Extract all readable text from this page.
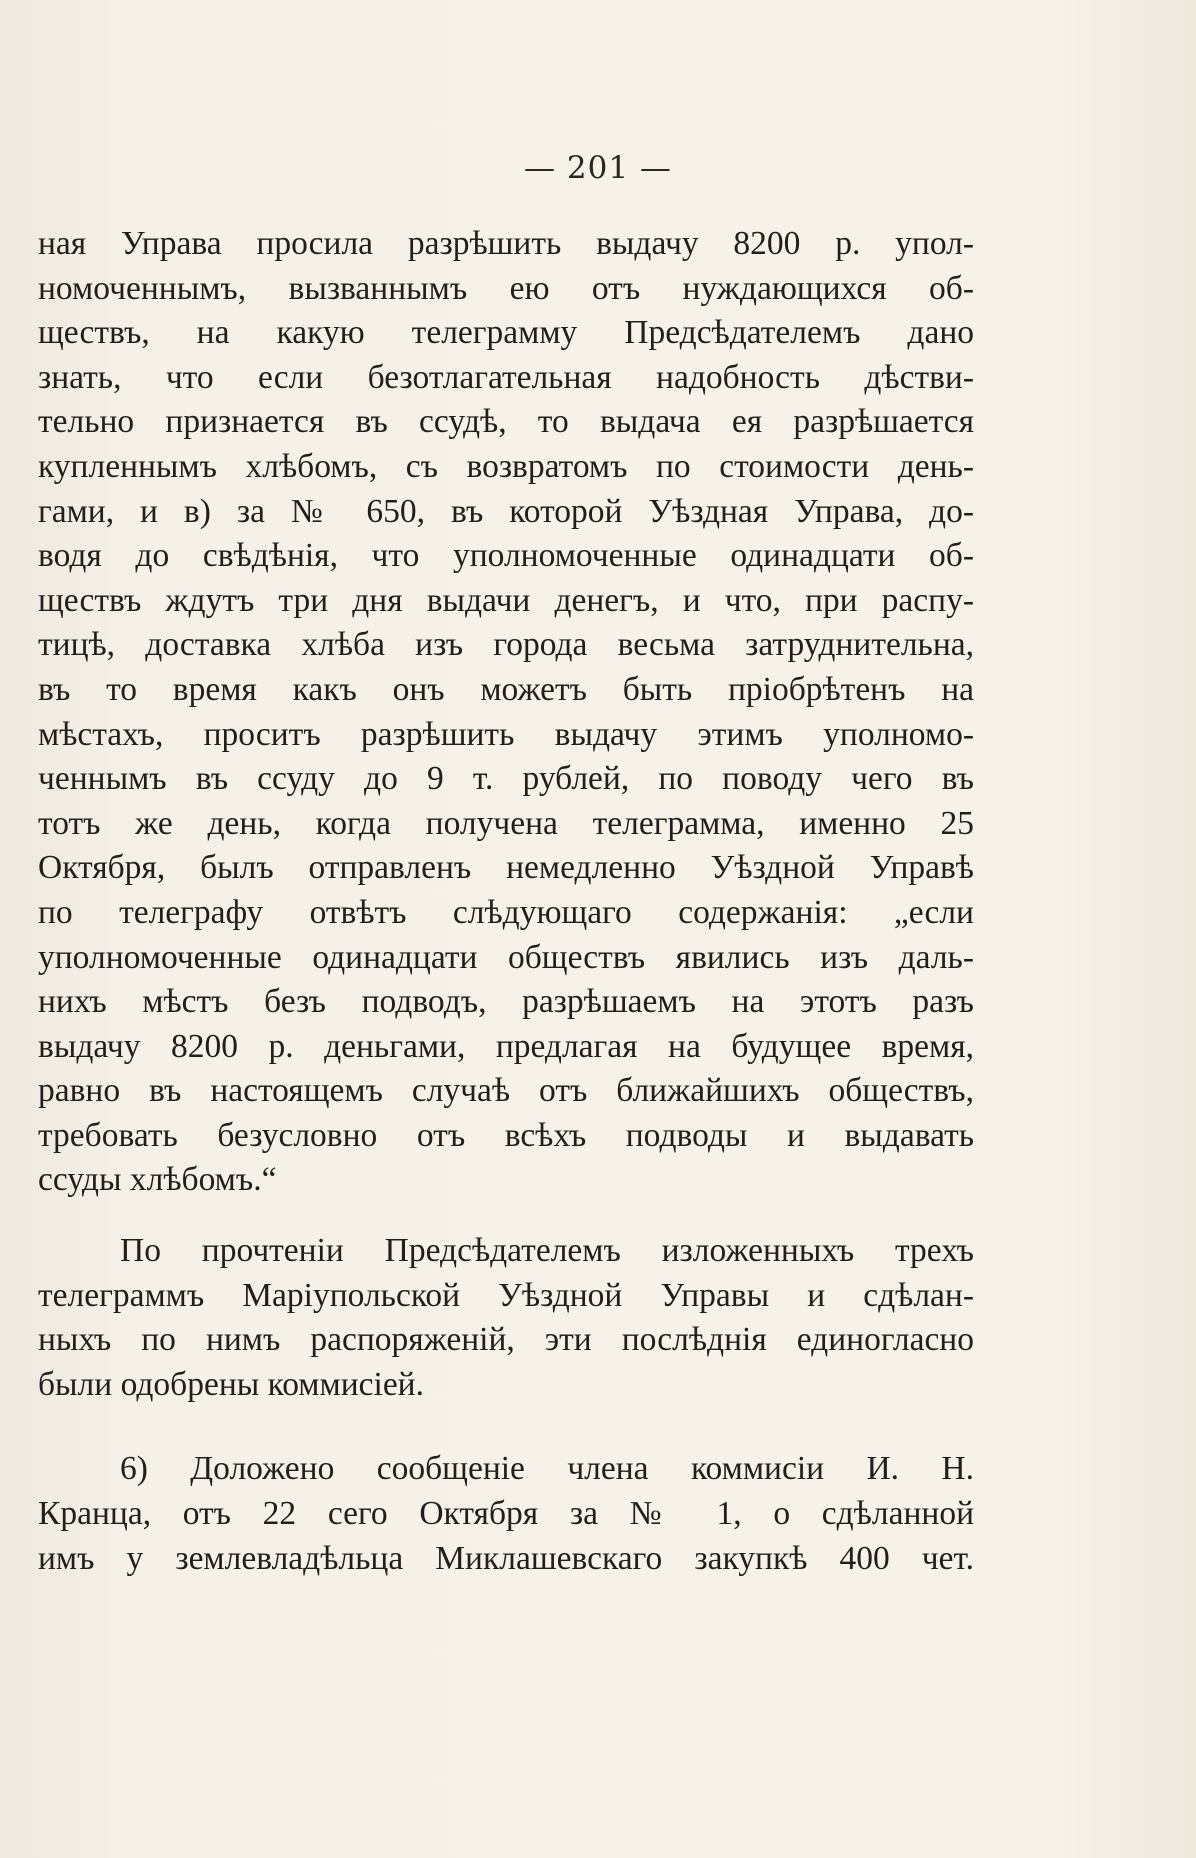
— 201 —
ная Управа просила разрѣшить выдачу 8200 р. упол-
номоченнымъ, вызваннымъ ею отъ нуждающихся об-
ществъ, на какую телеграмму Предсѣдателемъ дано
знать, что если безотлагательная надобность дѣстви-
тельно признается въ ссудѣ, то выдача ея разрѣшается
купленнымъ хлѣбомъ, съ возвратомъ по стоимости день-
гами, и в) за № 650, въ которой Уѣздная Управа, до-
водя до свѣдѣнія, что уполномоченные одинадцати об-
ществъ ждутъ три дня выдачи денегъ, и что, при распу-
тицѣ, доставка хлѣба изъ города весьма затруднительна,
въ то время какъ онъ можетъ быть пріобрѣтенъ на
мѣстахъ, проситъ разрѣшить выдачу этимъ уполномо-
ченнымъ въ ссуду до 9 т. рублей, по поводу чего въ
тотъ же день, когда получена телеграмма, именно 25
Октября, былъ отправленъ немедленно Уѣздной Управѣ
по телеграфу отвѣтъ слѣдующаго содержанія: „если
уполномоченные одинадцати обществъ явились изъ даль-
нихъ мѣстъ безъ подводъ, разрѣшаемъ на этотъ разъ
выдачу 8200 р. деньгами, предлагая на будущее время,
равно въ настоящемъ случаѣ отъ ближайшихъ обществъ,
требовать безусловно отъ всѣхъ подводы и выдавать
ссуды хлѣбомъ.“
По прочтеніи Предсѣдателемъ изложенныхъ трехъ
телеграммъ Маріупольской Уѣздной Управы и сдѣлан-
ныхъ по нимъ распоряженій, эти послѣднія единогласно
были одобрены коммисіей.
6) Доложено сообщеніе члена коммисіи И. Н.
Кранца, отъ 22 сего Октября за № 1, о сдѣланной
имъ у землевладѣльца Миклашевскаго закупкѣ 400 чет.
